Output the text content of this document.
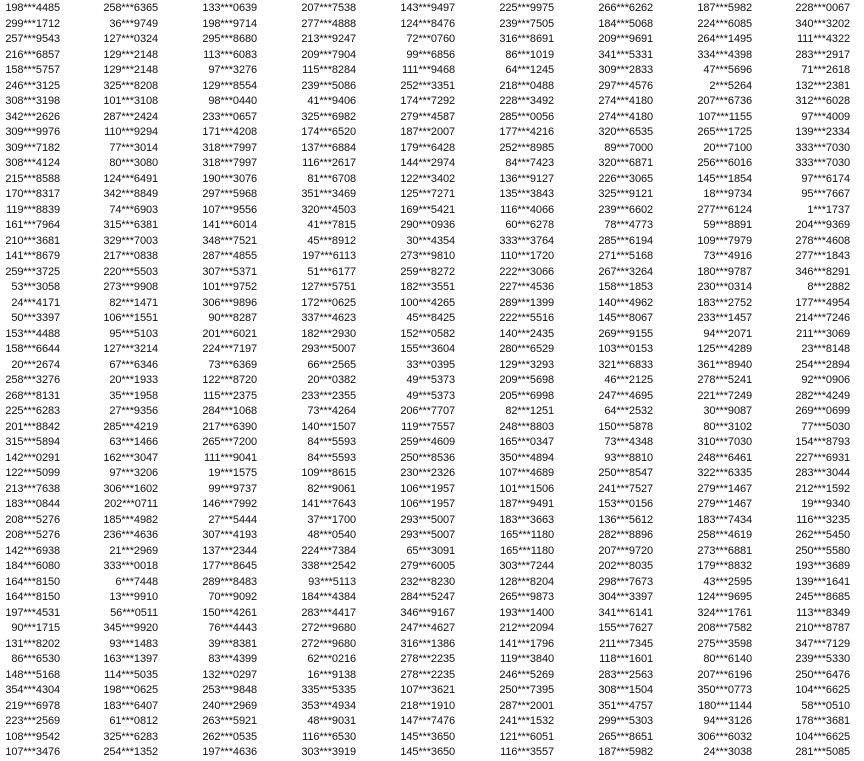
198***4485	258***6365	133***0639	207***7538	143***9497	225***9975	266***6262	187***5982	228***0067
299***1712	36***9749	198***9714	277***4888	124***8476	239***7505	184***5068	224***6085	340***3202
257***9543	127***0324	295***8680	213***9247	72***0760	316***8691	209***9691	264***1495	111***4322
216***6857	129***2148	113***6083	209***7904	99***6856	86***1019	341***5331	334***4398	283***2917
158***5757	129***2148	97***3276	115***8284	111***9468	64***1245	309***2833	47***5696	71***2618
246***3125	325***8208	129***8554	239***5086	252***3351	218***0488	297***4576	2***5264	132***2381
308***3198	101***3108	98***0440	41***9406	174***7292	228***3492	274***4180	207***6736	312***6028
342***2626	287***2424	233***0657	325***6982	279***4587	285***0056	274***4180	107***1155	97***4009
309***9976	110***9294	171***4208	174***6520	187***2007	177***4216	320***6535	265***1725	139***2334
309***7182	77***3014	318***7997	137***6884	179***6428	252***8985	89***7000	20***7100	333***7030
308***4124	80***3080	318***7997	116***2617	144***2974	84***7423	320***6871	256***6016	333***7030
215***8588	124***6491	190***3076	81***6708	122***3402	136***9127	226***3065	145***1854	97***6174
170***8317	342***8849	297***5968	351***3469	125***7271	135***3843	325***9121	18***9734	95***7667
119***8839	74***6903	107***9556	320***4503	169***5421	116***4066	239***6602	277***6124	1***1737
161***7964	315***6381	141***6014	41***7815	290***0936	60***6278	78***4773	59***8891	204***9369
210***3681	329***7003	348***7521	45***8912	30***4354	333***3764	285***6194	109***7979	278***4608
141***8679	217***0838	287***4855	197***6113	273***9810	110***1720	271***5168	73***4916	277***1843
259***3725	220***5503	307***5371	51***6177	259***8272	222***3066	267***3264	180***9787	346***8291
53***3058	273***9908	101***9752	127***5751	182***3551	227***4536	158***1853	230***0314	8***2882
24***4171	82***1471	306***9896	172***0625	100***4265	289***1399	140***4962	183***2752	177***4954
50***3397	106***1551	90***8287	337***4623	45***8425	222***5516	145***8067	233***1457	214***7246
153***4488	95***5103	201***6021	182***2930	152***0582	140***2435	269***9155	94***2071	211***3069
158***6644	127***3214	224***7197	293***5007	155***3604	280***6529	103***0153	125***4289	23***8148
20***2674	67***6346	73***6369	66***2565	33***0395	129***3293	321***6833	361***8940	254***2894
258***3276	20***1933	122***8720	20***0382	49***5373	209***5698	46***2125	278***5241	92***0906
268***8131	35***1958	115***2375	233***2355	49***5373	205***6998	247***4695	221***7249	282***4249
225***6283	27***9356	284***1068	73***4264	206***7707	82***1251	64***2532	30***9087	269***0699
201***8842	285***4219	217***6390	140***1507	119***7557	248***8803	150***5878	80***3102	77***5030
315***5894	63***1466	265***7200	84***5593	259***4609	165***0347	73***4348	310***7030	154***8793
142***0291	162***3047	111***9041	84***5593	250***8536	350***4894	93***8810	248***6461	227***6931
122***5099	97***3206	19***1575	109***8615	230***2326	107***4689	250***8547	322***6335	283***3044
213***7638	306***1602	99***9737	82***9061	106***1957	101***1506	241***7527	279***1467	212***1592
183***0844	202***0711	146***7992	141***7643	106***1957	187***9491	153***0156	279***1467	19***9340
208***5276	185***4982	27***5444	37***1700	293***5007	183***3663	136***5612	183***7434	116***3235
208***5276	236***4636	307***4193	48***0540	293***5007	165***1180	282***8896	258***4619	262***5450
142***6938	21***2969	137***2344	224***7384	65***3091	165***1180	207***9720	273***6881	250***5580
184***6080	333***0018	177***8645	338***2542	279***6005	303***7244	202***8035	179***8832	193***3689
164***8150	6***7448	289***8483	93***5113	232***8230	128***8204	298***7673	43***2595	139***1641
164***8150	13***9910	70***9092	184***4384	284***5247	265***9873	304***3397	124***9695	245***8685
197***4531	56***0511	150***4261	283***4417	346***9167	193***1400	341***6141	324***1761	113***8349
90***1715	345***9920	76***4443	272***9680	247***4627	212***2094	155***7627	208***7582	210***8787
131***8202	93***1483	39***8381	272***9680	316***1386	141***1796	211***7345	275***3598	347***7129
86***6530	163***1397	83***4399	62***0216	278***2235	119***3840	118***1601	80***6140	239***5330
148***5168	114***5035	132***0297	16***9138	278***2235	246***5269	283***2563	207***6196	250***6476
354***4304	198***0625	253***9848	335***5335	107***3621	250***7395	308***1504	350***0773	104***6625
219***6978	183***6407	240***2969	353***4934	218***1910	287***2001	351***4757	180***1144	58***0510
223***2569	61***0812	263***5921	48***9031	147***7476	241***1532	299***5303	94***3126	178***3681
108***9542	325***6283	262***0535	116***6530	145***3650	121***6051	265***8651	306***6032	104***6625
107***3476	254***1352	197***4636	303***3919	145***3650	116***3557	187***5982	24***3038	281***5085
